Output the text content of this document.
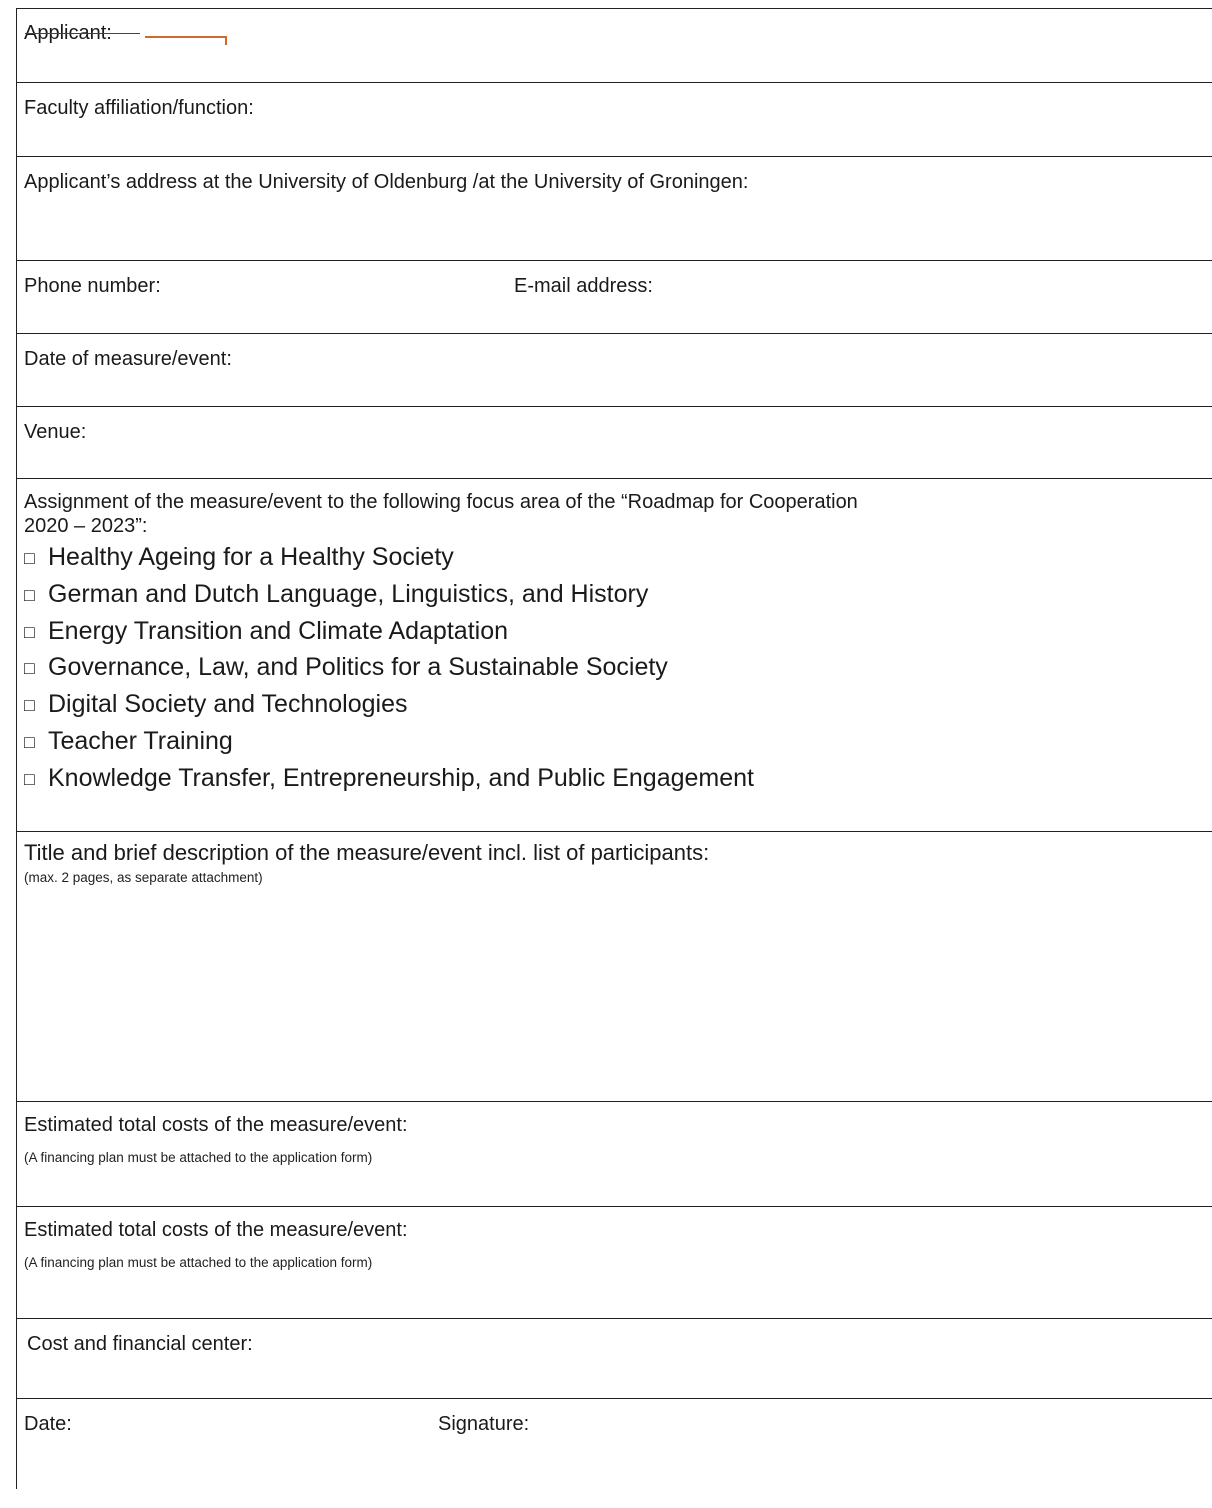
Applicant:
Faculty affiliation/function:
Applicant’s address at the University of Oldenburg /at the University of Groningen:
Phone number:	E-mail address:
Date of measure/event:
Venue:
Assignment of the measure/event to the following focus area of the “Roadmap for Cooperation
2020 – 2023”:
□ Healthy Ageing for a Healthy Society
□ German and Dutch Language, Linguistics, and History
□ Energy Transition and Climate Adaptation
□ Governance, Law, and Politics for a Sustainable Society
□ Digital Society and Technologies
□ Teacher Training
□ Knowledge Transfer, Entrepreneurship, and Public Engagement
Title and brief description of the measure/event incl. list of participants:
(max. 2 pages, as separate attachment)
Estimated total costs of the measure/event:
(A financing plan must be attached to the application form)
Estimated total costs of the measure/event:
(A financing plan must be attached to the application form)
Cost and financial center:
Date:	Signature:
